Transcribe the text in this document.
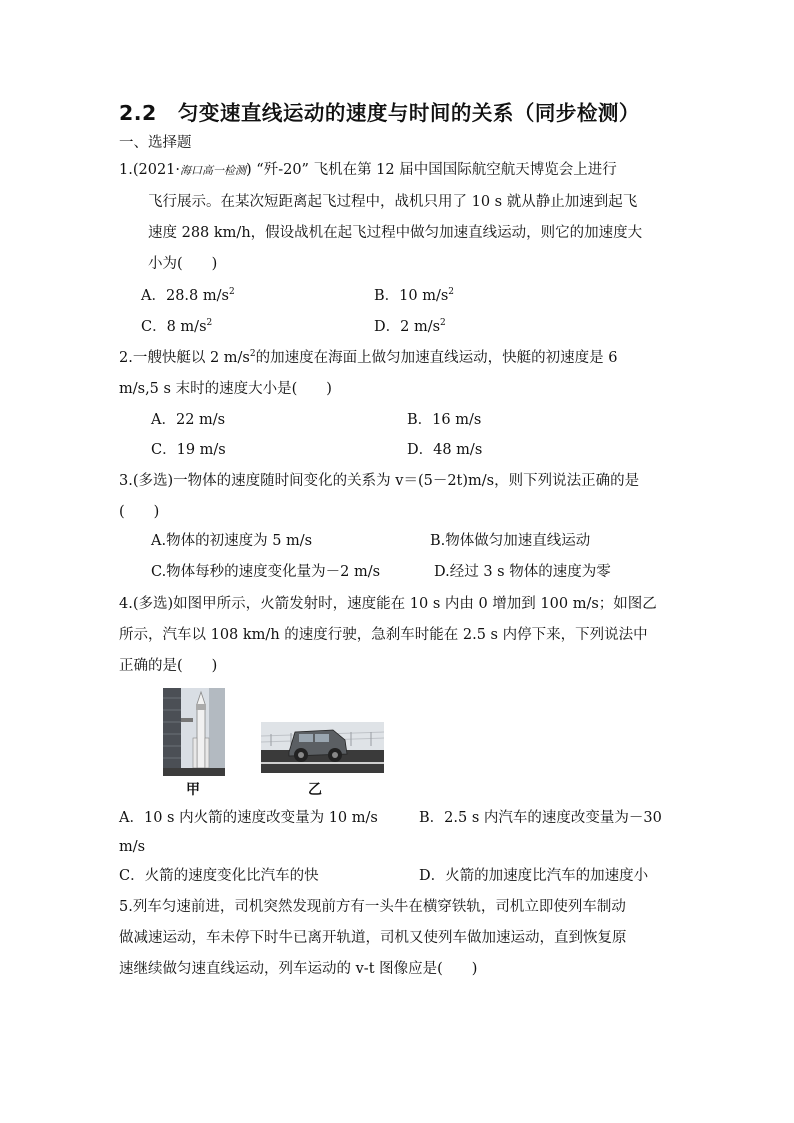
2.2　匀变速直线运动的速度与时间的关系（同步检测）
一、选择题
1.(2021·海口高一检测) “歼-20” 飞机在第 12 届中国国际航空航天博览会上进行
飞行展示。在某次短距离起飞过程中，战机只用了 10 s 就从静止加速到起飞
速度 288 km/h，假设战机在起飞过程中做匀加速直线运动，则它的加速度大
小为(　　)
A．28.8 $m/s^2$	B．10 $m/s^2$
C．8 $m/s^2$	D．2 $m/s^2$
2.一艘快艇以 2 $m/s^2$的加速度在海面上做匀加速直线运动，快艇的初速度是 6
m/s,5 s 末时的速度大小是(　　)
A．22 m/s	B．16 m/s
C．19 m/s	D．48 m/s
3.(多选)一物体的速度随时间变化的关系为 v＝(5－2t)m/s，则下列说法正确的是
(　　)
A.物体的初速度为 5 m/s	B.物体做匀加速直线运动
C.物体每秒的速度变化量为－2 m/s	D.经过 3 s 物体的速度为零
4.(多选)如图甲所示，火箭发射时，速度能在 10 s 内由 0 增加到 100 m/s；如图乙
所示，汽车以 108 km/h 的速度行驶，急刹车时能在 2.5 s 内停下来，下列说法中
正确的是(　　)
甲	乙
A．10 s 内火箭的速度改变量为 10 m/s	B．2.5 s 内汽车的速度改变量为－30
m/s
C．火箭的速度变化比汽车的快	D．火箭的加速度比汽车的加速度小
5.列车匀速前进，司机突然发现前方有一头牛在横穿铁轨，司机立即使列车制动
做减速运动，车未停下时牛已离开轨道，司机又使列车做加速运动，直到恢复原
速继续做匀速直线运动，列车运动的 v-t 图像应是(　　)
